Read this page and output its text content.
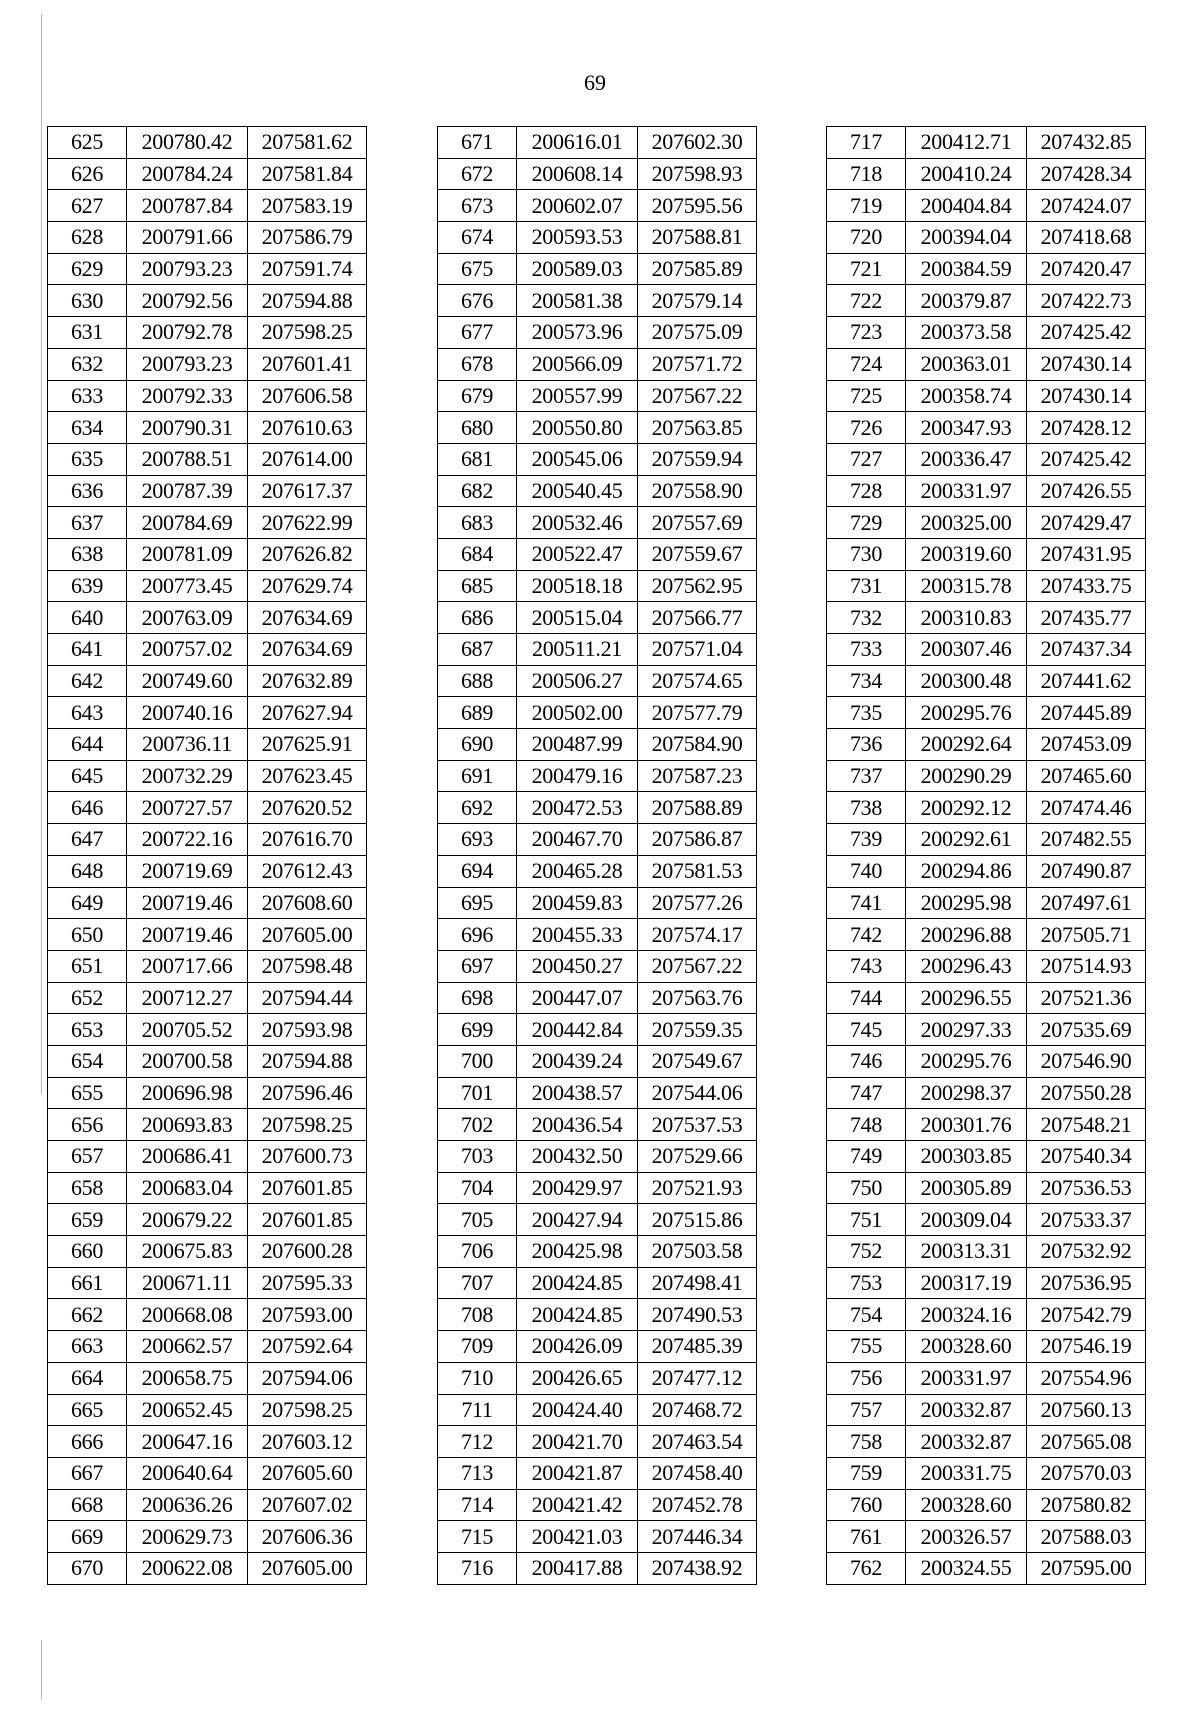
69
625	200780.42	207581.62
626	200784.24	207581.84
627	200787.84	207583.19
628	200791.66	207586.79
629	200793.23	207591.74
630	200792.56	207594.88
631	200792.78	207598.25
632	200793.23	207601.41
633	200792.33	207606.58
634	200790.31	207610.63
635	200788.51	207614.00
636	200787.39	207617.37
637	200784.69	207622.99
638	200781.09	207626.82
639	200773.45	207629.74
640	200763.09	207634.69
641	200757.02	207634.69
642	200749.60	207632.89
643	200740.16	207627.94
644	200736.11	207625.91
645	200732.29	207623.45
646	200727.57	207620.52
647	200722.16	207616.70
648	200719.69	207612.43
649	200719.46	207608.60
650	200719.46	207605.00
651	200717.66	207598.48
652	200712.27	207594.44
653	200705.52	207593.98
654	200700.58	207594.88
655	200696.98	207596.46
656	200693.83	207598.25
657	200686.41	207600.73
658	200683.04	207601.85
659	200679.22	207601.85
660	200675.83	207600.28
661	200671.11	207595.33
662	200668.08	207593.00
663	200662.57	207592.64
664	200658.75	207594.06
665	200652.45	207598.25
666	200647.16	207603.12
667	200640.64	207605.60
668	200636.26	207607.02
669	200629.73	207606.36
670	200622.08	207605.00
671	200616.01	207602.30
672	200608.14	207598.93
673	200602.07	207595.56
674	200593.53	207588.81
675	200589.03	207585.89
676	200581.38	207579.14
677	200573.96	207575.09
678	200566.09	207571.72
679	200557.99	207567.22
680	200550.80	207563.85
681	200545.06	207559.94
682	200540.45	207558.90
683	200532.46	207557.69
684	200522.47	207559.67
685	200518.18	207562.95
686	200515.04	207566.77
687	200511.21	207571.04
688	200506.27	207574.65
689	200502.00	207577.79
690	200487.99	207584.90
691	200479.16	207587.23
692	200472.53	207588.89
693	200467.70	207586.87
694	200465.28	207581.53
695	200459.83	207577.26
696	200455.33	207574.17
697	200450.27	207567.22
698	200447.07	207563.76
699	200442.84	207559.35
700	200439.24	207549.67
701	200438.57	207544.06
702	200436.54	207537.53
703	200432.50	207529.66
704	200429.97	207521.93
705	200427.94	207515.86
706	200425.98	207503.58
707	200424.85	207498.41
708	200424.85	207490.53
709	200426.09	207485.39
710	200426.65	207477.12
711	200424.40	207468.72
712	200421.70	207463.54
713	200421.87	207458.40
714	200421.42	207452.78
715	200421.03	207446.34
716	200417.88	207438.92
717	200412.71	207432.85
718	200410.24	207428.34
719	200404.84	207424.07
720	200394.04	207418.68
721	200384.59	207420.47
722	200379.87	207422.73
723	200373.58	207425.42
724	200363.01	207430.14
725	200358.74	207430.14
726	200347.93	207428.12
727	200336.47	207425.42
728	200331.97	207426.55
729	200325.00	207429.47
730	200319.60	207431.95
731	200315.78	207433.75
732	200310.83	207435.77
733	200307.46	207437.34
734	200300.48	207441.62
735	200295.76	207445.89
736	200292.64	207453.09
737	200290.29	207465.60
738	200292.12	207474.46
739	200292.61	207482.55
740	200294.86	207490.87
741	200295.98	207497.61
742	200296.88	207505.71
743	200296.43	207514.93
744	200296.55	207521.36
745	200297.33	207535.69
746	200295.76	207546.90
747	200298.37	207550.28
748	200301.76	207548.21
749	200303.85	207540.34
750	200305.89	207536.53
751	200309.04	207533.37
752	200313.31	207532.92
753	200317.19	207536.95
754	200324.16	207542.79
755	200328.60	207546.19
756	200331.97	207554.96
757	200332.87	207560.13
758	200332.87	207565.08
759	200331.75	207570.03
760	200328.60	207580.82
761	200326.57	207588.03
762	200324.55	207595.00
